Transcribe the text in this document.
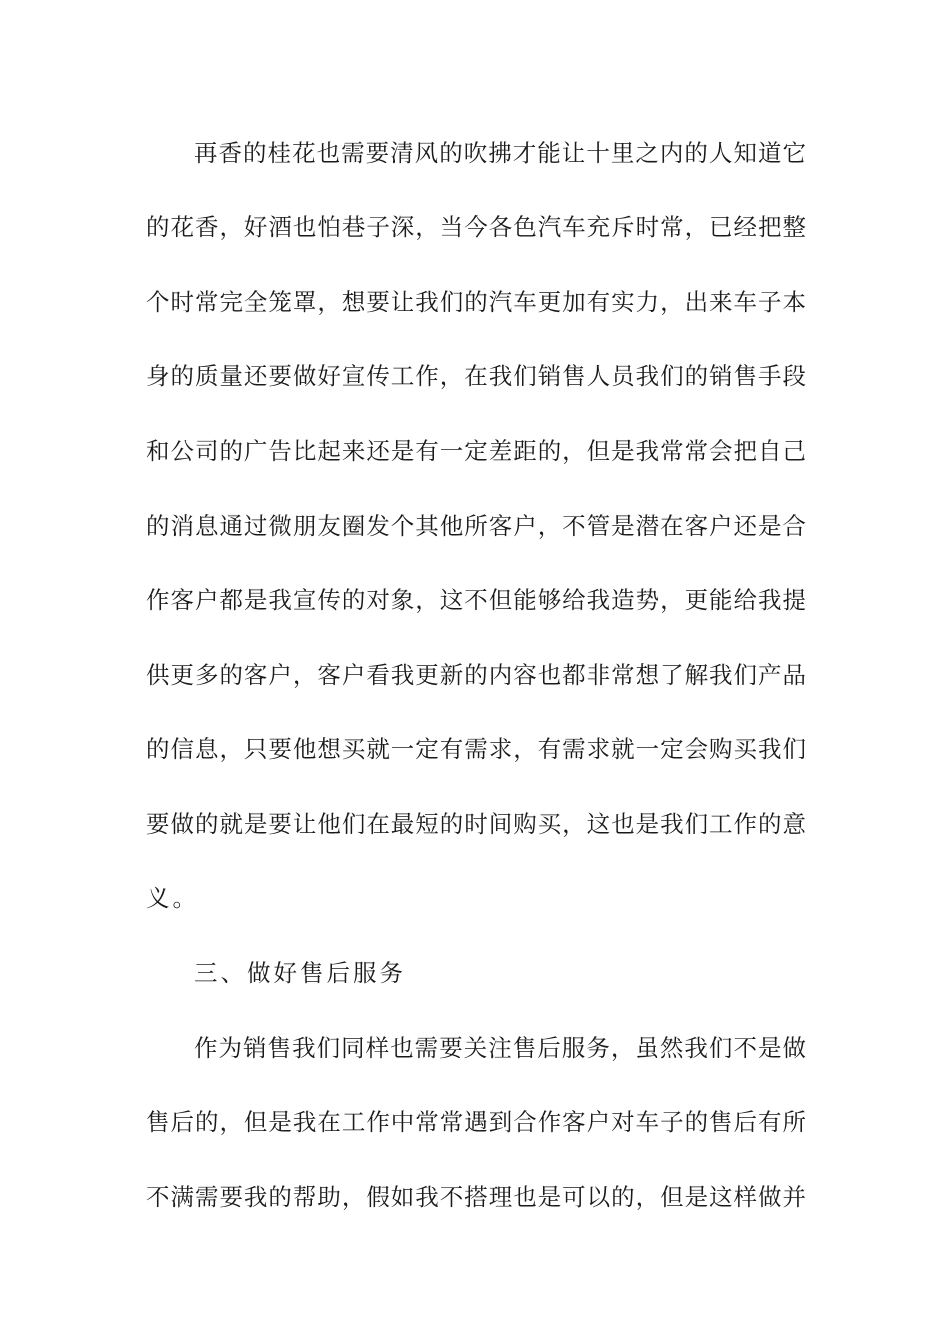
再香的桂花也需要清风的吹拂才能让十里之内的人知道它
的花香，好酒也怕巷子深，当今各色汽车充斥时常，已经把整
个时常完全笼罩，想要让我们的汽车更加有实力，出来车子本
身的质量还要做好宣传工作，在我们销售人员我们的销售手段
和公司的广告比起来还是有一定差距的，但是我常常会把自己
的消息通过微朋友圈发个其他所客户，不管是潜在客户还是合
作客户都是我宣传的对象，这不但能够给我造势，更能给我提
供更多的客户，客户看我更新的内容也都非常想了解我们产品
的信息，只要他想买就一定有需求，有需求就一定会购买我们
要做的就是要让他们在最短的时间购买，这也是我们工作的意
义。
三、做好售后服务
作为销售我们同样也需要关注售后服务，虽然我们不是做
售后的，但是我在工作中常常遇到合作客户对车子的售后有所
不满需要我的帮助，假如我不搭理也是可以的，但是这样做并
